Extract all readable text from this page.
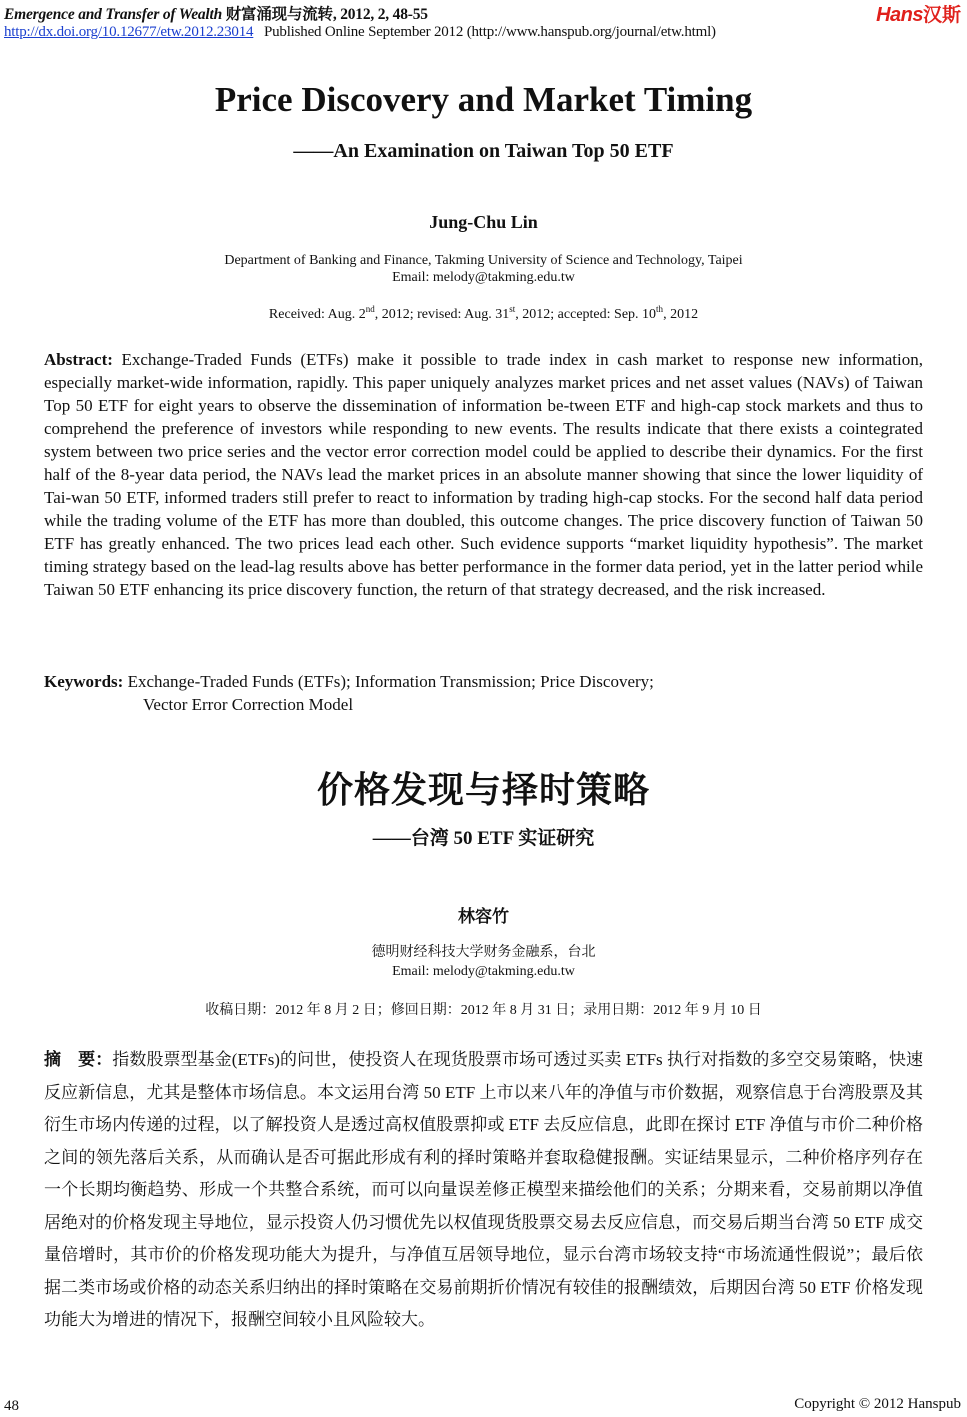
Emergence and Transfer of Wealth 财富涌现与流转, 2012, 2, 48-55	Hans汉斯
http://dx.doi.org/10.12677/etw.2012.23014 Published Online September 2012 (http://www.hanspub.org/journal/etw.html)
Price Discovery and Market Timing
——An Examination on Taiwan Top 50 ETF
Jung-Chu Lin
Department of Banking and Finance, Takming University of Science and Technology, Taipei
Email: melody@takming.edu.tw
Received: Aug. 2nd, 2012; revised: Aug. 31st, 2012; accepted: Sep. 10th, 2012
Abstract: Exchange-Traded Funds (ETFs) make it possible to trade index in cash market to response new information, especially market-wide information, rapidly. This paper uniquely analyzes market prices and net asset values (NAVs) of Taiwan Top 50 ETF for eight years to observe the dissemination of information be-tween ETF and high-cap stock markets and thus to comprehend the preference of investors while responding to new events. The results indicate that there exists a cointegrated system between two price series and the vector error correction model could be applied to describe their dynamics. For the first half of the 8-year data period, the NAVs lead the market prices in an absolute manner showing that since the lower liquidity of Tai-wan 50 ETF, informed traders still prefer to react to information by trading high-cap stocks. For the second half data period while the trading volume of the ETF has more than doubled, this outcome changes. The price discovery function of Taiwan 50 ETF has greatly enhanced. The two prices lead each other. Such evidence supports “market liquidity hypothesis”. The market timing strategy based on the lead-lag results above has better performance in the former data period, yet in the latter period while Taiwan 50 ETF enhancing its price discovery function, the return of that strategy decreased, and the risk increased.
Keywords: Exchange-Traded Funds (ETFs); Information Transmission; Price Discovery;
Vector Error Correction Model
价格发现与择时策略
——台湾 50 ETF 实证研究
林容竹
德明财经科技大学财务金融系，台北
Email: melody@takming.edu.tw
收稿日期：2012 年 8 月 2 日；修回日期：2012 年 8 月 31 日；录用日期：2012 年 9 月 10 日
摘　要：指数股票型基金(ETFs)的问世，使投资人在现货股票市场可透过买卖 ETFs 执行对指数的多空交易策略，快速反应新信息，尤其是整体市场信息。本文运用台湾 50 ETF 上市以来八年的净值与市价数据，观察信息于台湾股票及其衍生市场内传递的过程，以了解投资人是透过高权值股票抑或 ETF 去反应信息，此即在探讨 ETF 净值与市价二种价格之间的领先落后关系，从而确认是否可据此形成有利的择时策略并套取稳健报酬。实证结果显示，二种价格序列存在一个长期均衡趋势、形成一个共整合系统，而可以向量误差修正模型来描绘他们的关系；分期来看，交易前期以净值居绝对的价格发现主导地位，显示投资人仍习惯优先以权值现货股票交易去反应信息，而交易后期当台湾 50 ETF 成交量倍增时，其市价的价格发现功能大为提升，与净值互居领导地位，显示台湾市场较支持“市场流通性假说”；最后依据二类市场或价格的动态关系归纳出的择时策略在交易前期折价情况有较佳的报酬绩效，后期因台湾 50 ETF 价格发现功能大为增进的情况下，报酬空间较小且风险较大。
48	Copyright © 2012 Hanspub
